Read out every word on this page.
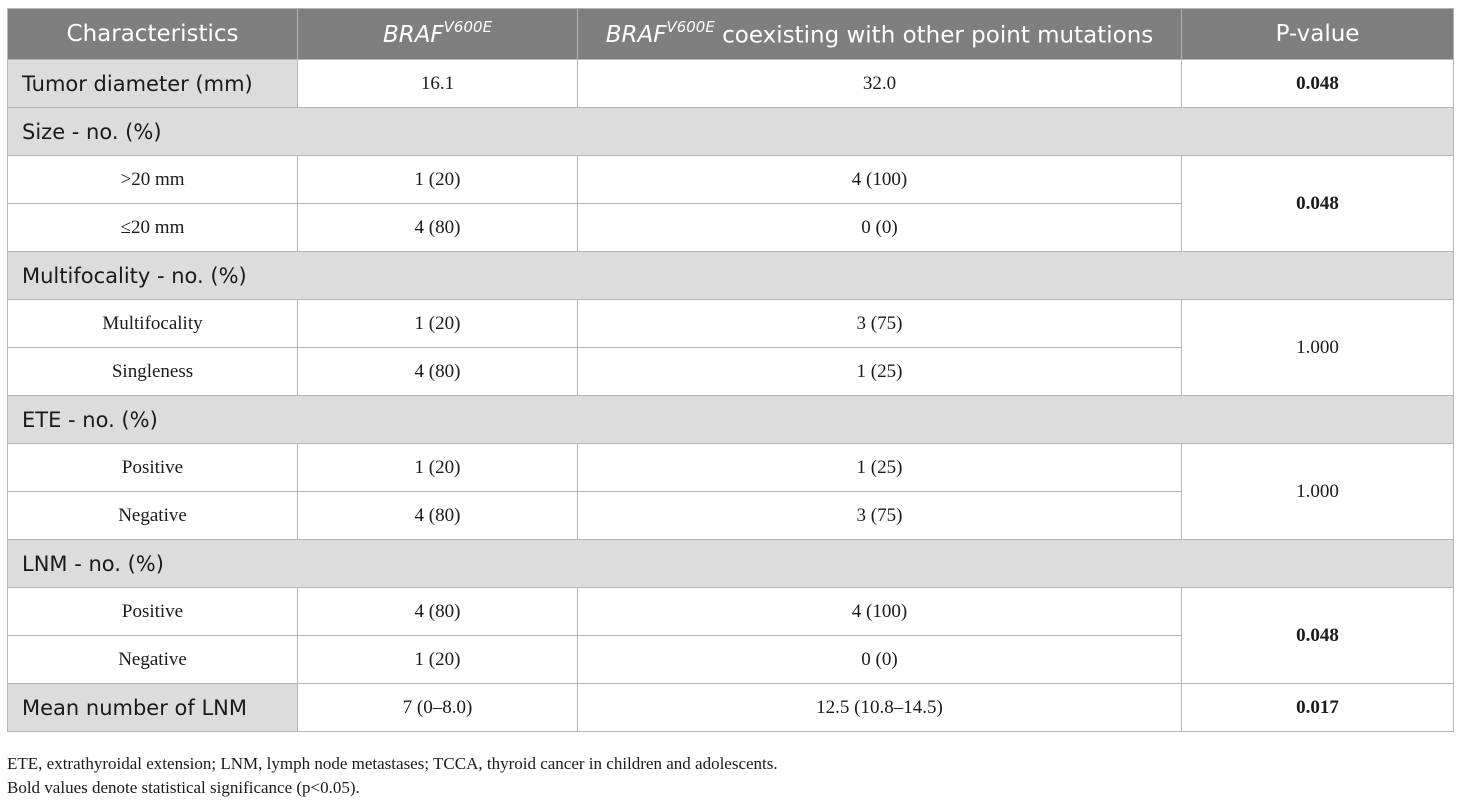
Characteristics	$BRAF^{V600E}$	$BRAF^{V600E}$ coexisting with other point mutations	P-value
Tumor diameter (mm)	16.1	32.0	0.048
Size - no. (%)			
>20 mm	1 (20)	4 (100)	0.048
≤20 mm	4 (80)	0 (0)	
Multifocality - no. (%)			
Multifocality	1 (20)	3 (75)	1.000
Singleness	4 (80)	1 (25)	
ETE - no. (%)			
Positive	1 (20)	1 (25)	1.000
Negative	4 (80)	3 (75)	
LNM - no. (%)			
Positive	4 (80)	4 (100)	0.048
Negative	1 (20)	0 (0)	
Mean number of LNM	7 (0–8.0)	12.5 (10.8–14.5)	0.017
ETE, extrathyroidal extension; LNM, lymph node metastases; TCCA, thyroid cancer in children and adolescents.
Bold values denote statistical significance (p<0.05).
